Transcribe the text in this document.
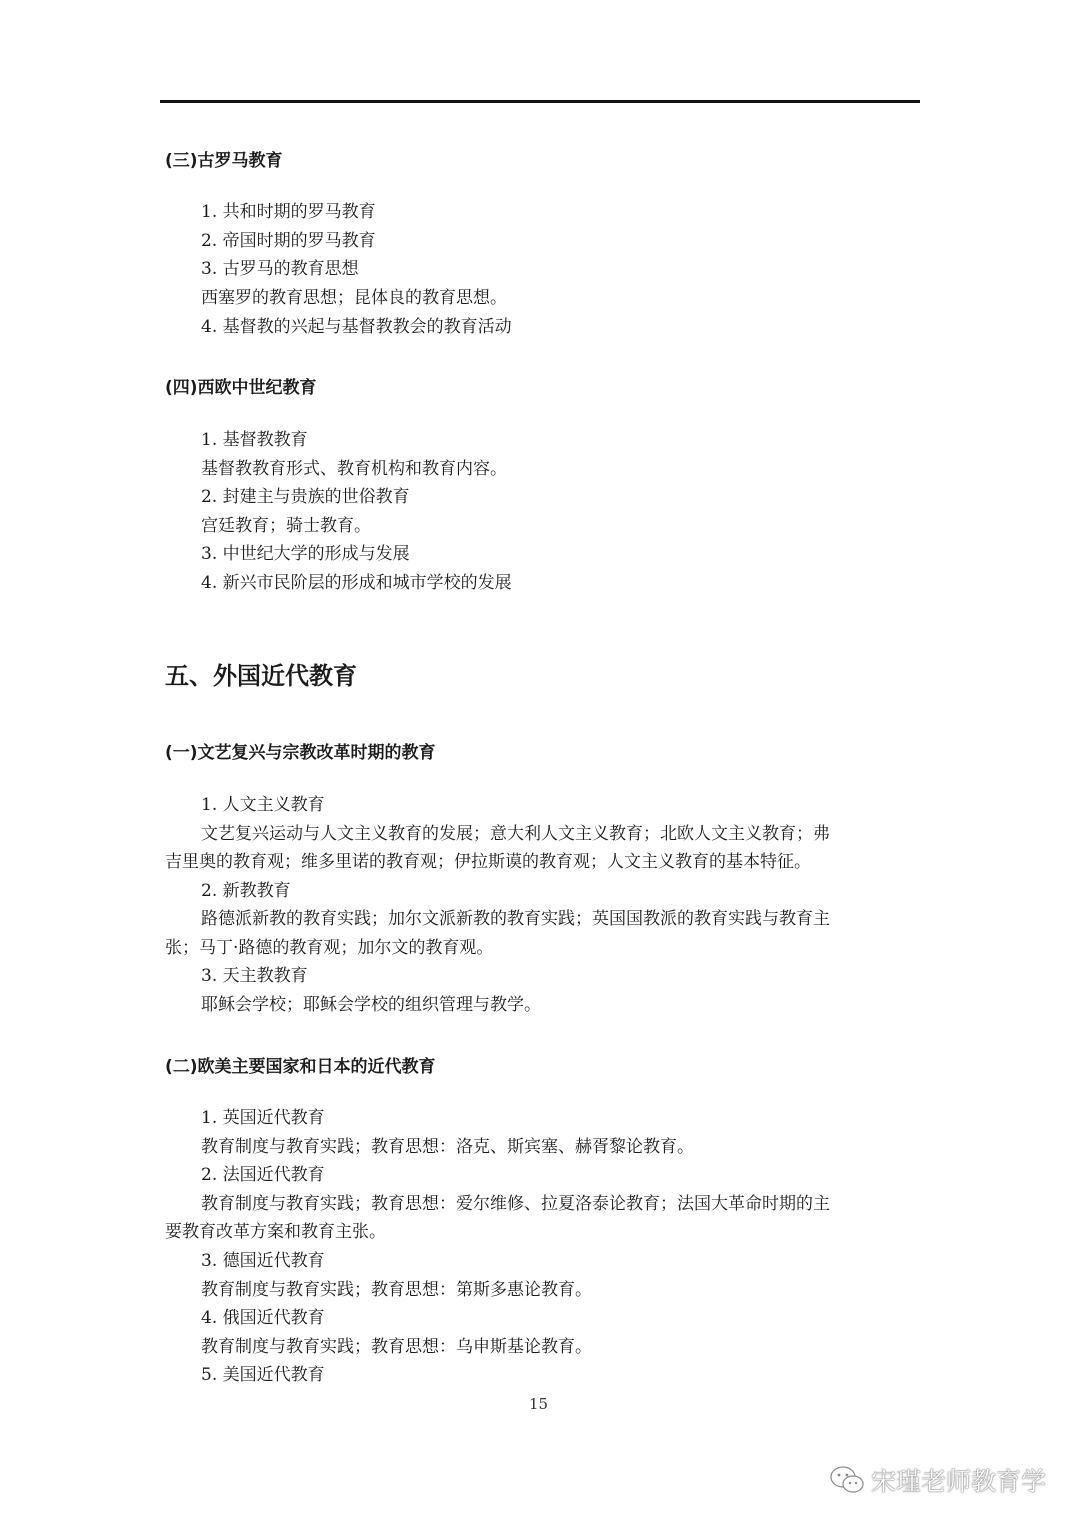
(三)古罗马教育
1. 共和时期的罗马教育
2. 帝国时期的罗马教育
3. 古罗马的教育思想
西塞罗的教育思想；昆体良的教育思想。
4. 基督教的兴起与基督教教会的教育活动
(四)西欧中世纪教育
1. 基督教教育
基督教教育形式、教育机构和教育内容。
2. 封建主与贵族的世俗教育
宫廷教育；骑士教育。
3. 中世纪大学的形成与发展
4. 新兴市民阶层的形成和城市学校的发展
五、外国近代教育
(一)文艺复兴与宗教改革时期的教育
1. 人文主义教育
文艺复兴运动与人文主义教育的发展；意大利人文主义教育；北欧人文主义教育；弗
吉里奥的教育观；维多里诺的教育观；伊拉斯谟的教育观；人文主义教育的基本特征。
2. 新教教育
路德派新教的教育实践；加尔文派新教的教育实践；英国国教派的教育实践与教育主
张；马丁·路德的教育观；加尔文的教育观。
3. 天主教教育
耶稣会学校；耶稣会学校的组织管理与教学。
(二)欧美主要国家和日本的近代教育
1. 英国近代教育
教育制度与教育实践；教育思想：洛克、斯宾塞、赫胥黎论教育。
2. 法国近代教育
教育制度与教育实践；教育思想：爱尔维修、拉夏洛泰论教育；法国大革命时期的主
要教育改革方案和教育主张。
3. 德国近代教育
教育制度与教育实践；教育思想：第斯多惠论教育。
4. 俄国近代教育
教育制度与教育实践；教育思想：乌申斯基论教育。
5. 美国近代教育
15
宋瑾老师教育学
